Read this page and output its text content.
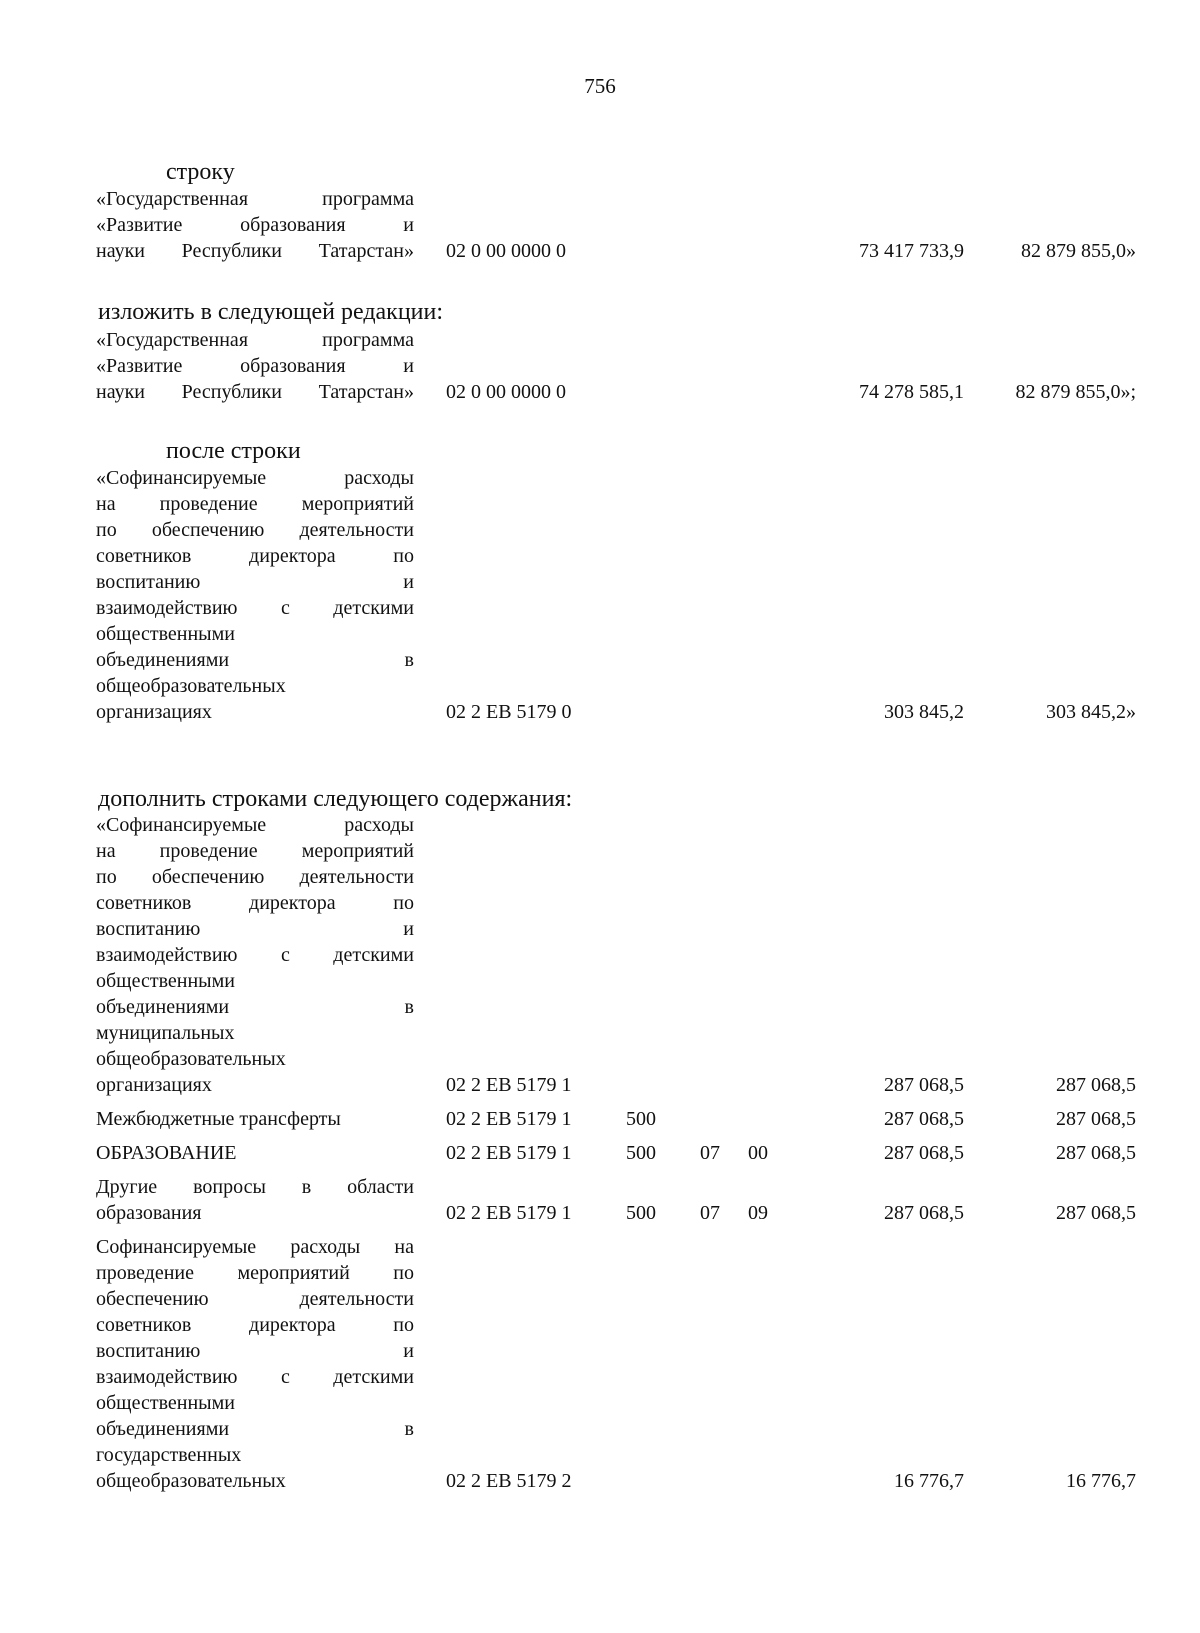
756
строку
«Государственная программа
«Развитие образования и
науки Республики Татарстан» 02 0 00 0000 0	73 417 733,9	82 879 855,0»
изложить в следующей редакции:
«Государственная программа
«Развитие образования и
науки Республики Татарстан» 02 0 00 0000 0	74 278 585,1	82 879 855,0»;
после строки
«Софинансируемые расходы
на проведение мероприятий
по обеспечению деятельности
советников директора по
воспитанию и
взаимодействию с детскими
общественными
объединениями в
общеобразовательных
организациях	02 2 ЕВ 5179 0	303 845,2	303 845,2»
дополнить строками следующего содержания:
«Софинансируемые расходы
на проведение мероприятий
по обеспечению деятельности
советников директора по
воспитанию и
взаимодействию с детскими
общественными
объединениями в
муниципальных
общеобразовательных
организациях	02 2 ЕВ 5179 1	287 068,5	287 068,5
Межбюджетные трансферты	02 2 ЕВ 5179 1	500	287 068,5	287 068,5
ОБРАЗОВАНИЕ	02 2 ЕВ 5179 1	500 07 00	287 068,5	287 068,5
Другие вопросы в области
образования	02 2 ЕВ 5179 1	500 07 09	287 068,5	287 068,5
Софинансируемые расходы на
проведение мероприятий по
обеспечению деятельности
советников директора по
воспитанию и
взаимодействию с детскими
общественными
объединениями в
государственных
общеобразовательных	02 2 ЕВ 5179 2	16 776,7	16 776,7
